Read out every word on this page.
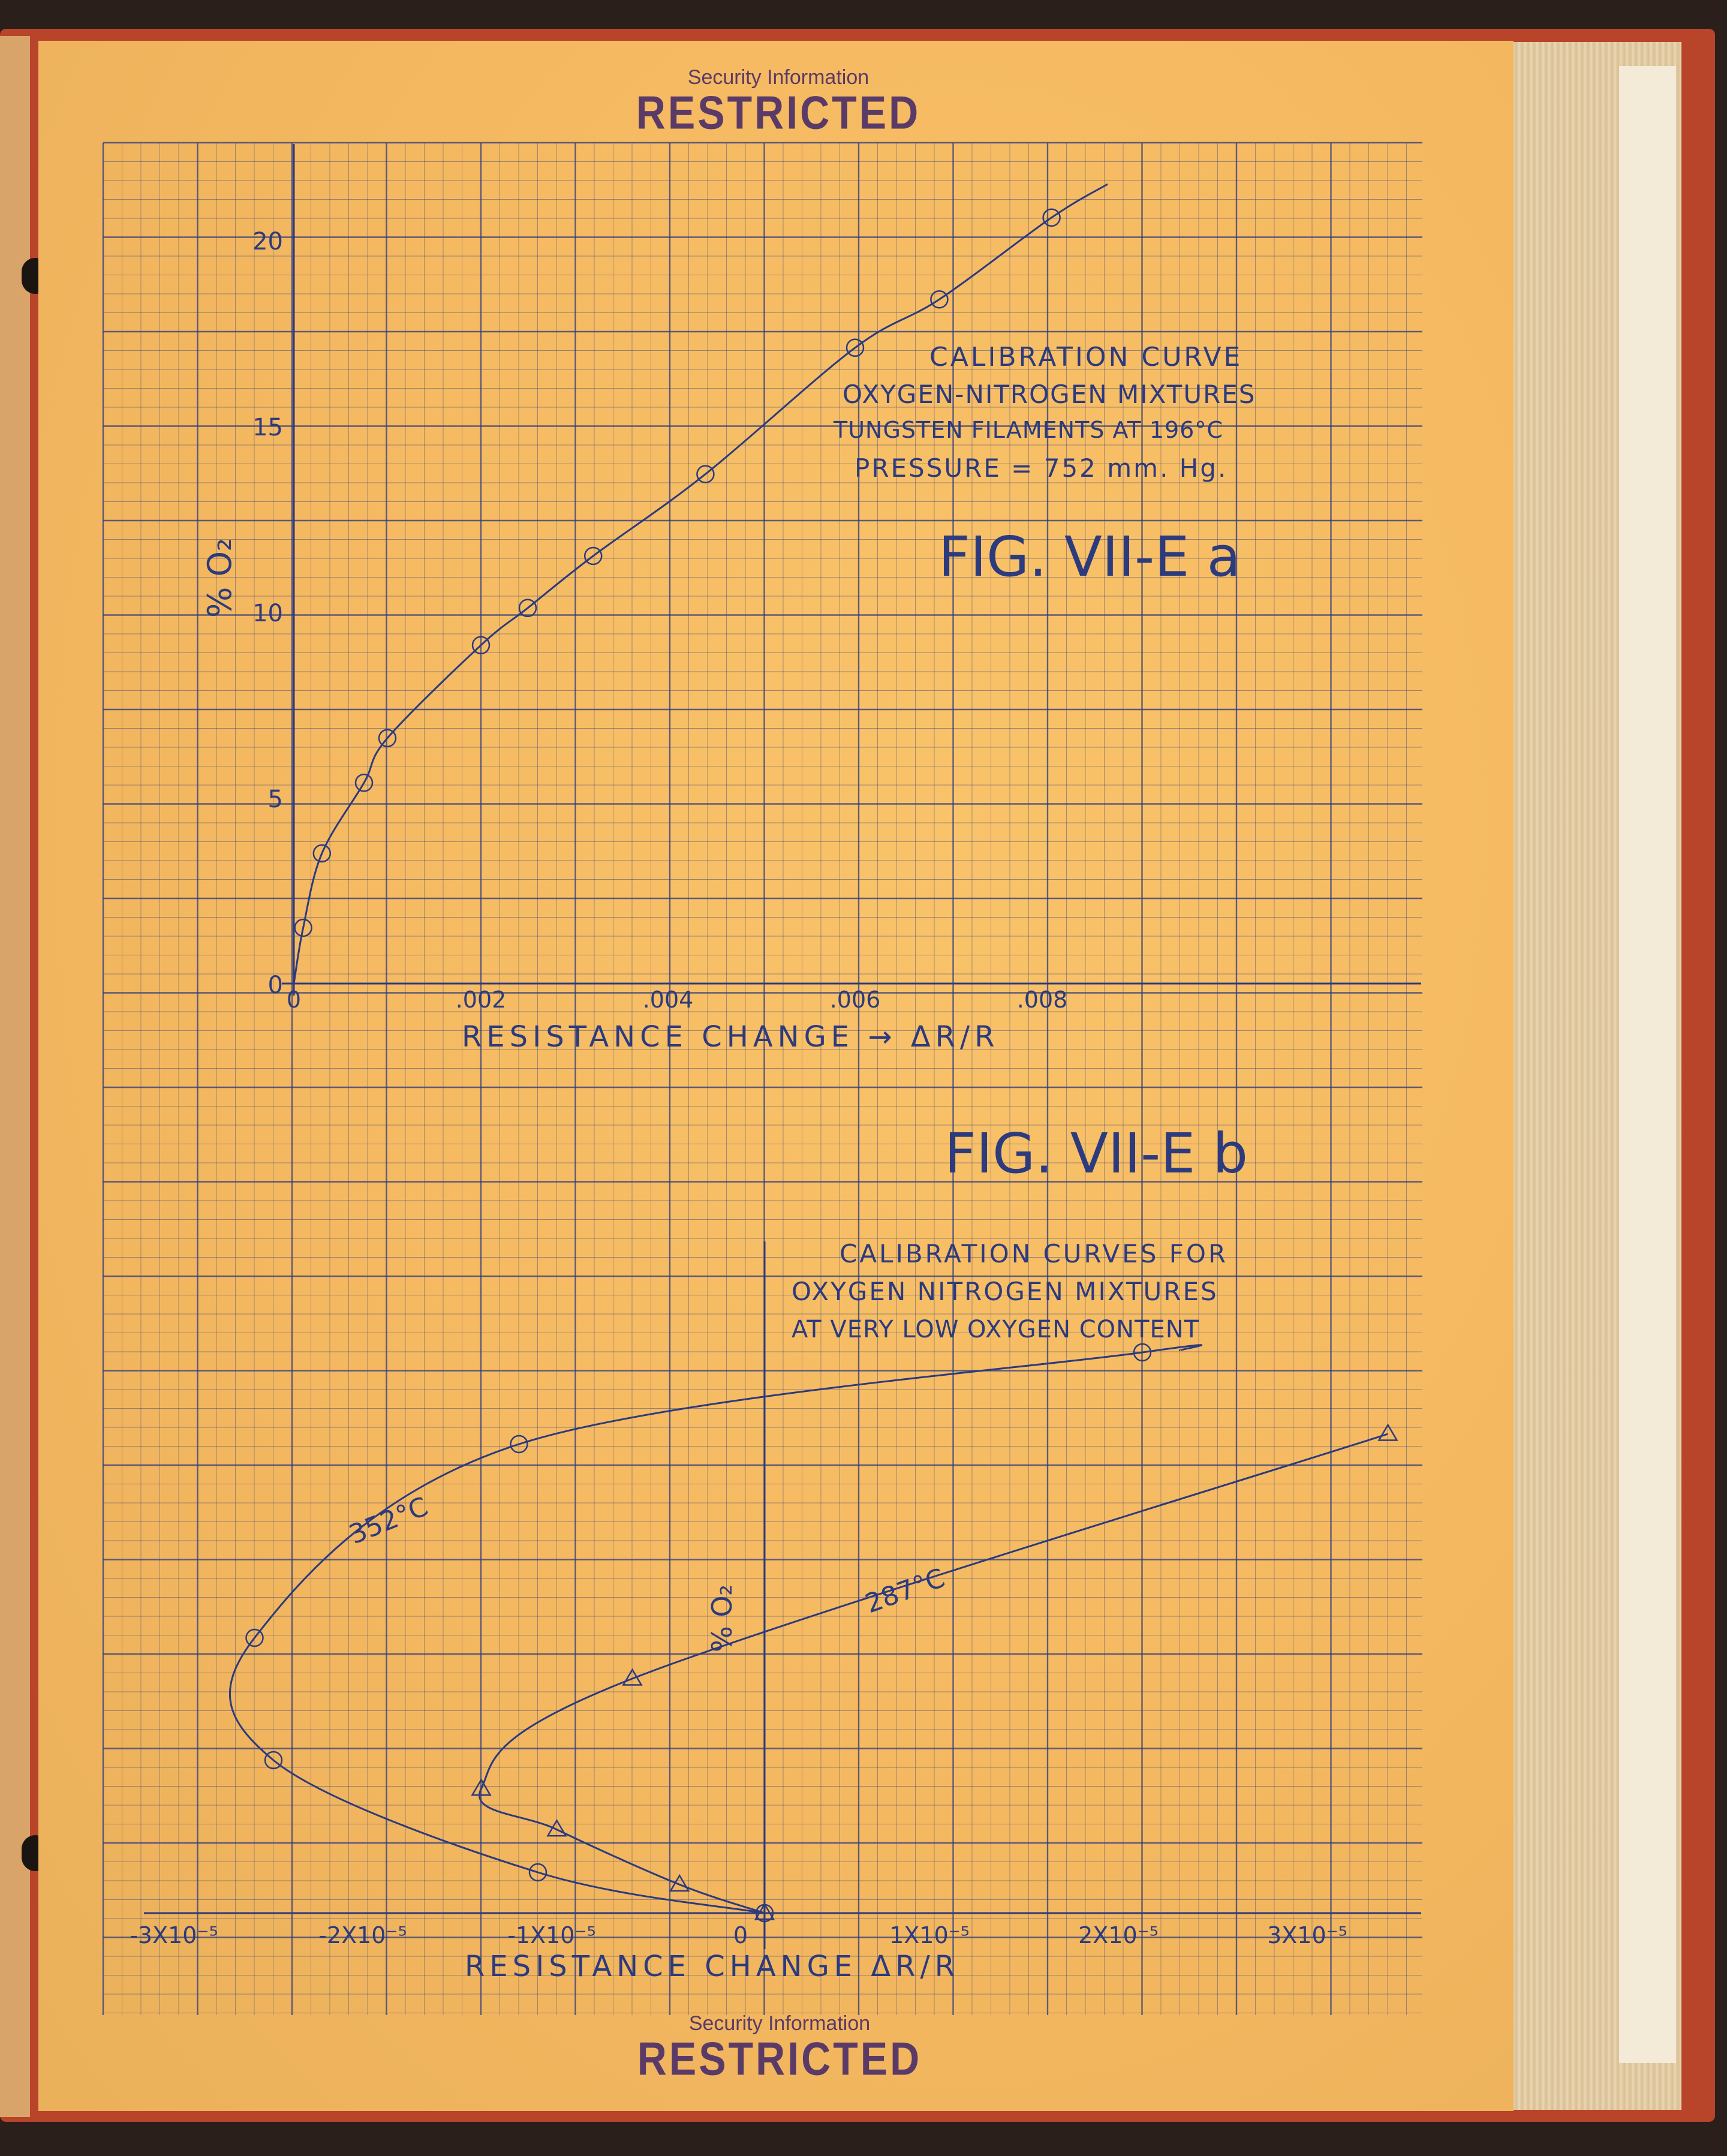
Security Information
RESTRICTED
Security Information
RESTRICTED
CALIBRATION CURVE
OXYGEN-NITROGEN MIXTURES
TUNGSTEN FILAMENTS AT 196°C
PRESSURE = 752 mm. Hg.
FIG. VII-E a
RESISTANCE CHANGE → ΔR/R
% O₂
0
5
10
15
20
0	.002	.004	.006	.008
FIG. VII-E b
CALIBRATION CURVES FOR
OXYGEN NITROGEN MIXTURES
AT VERY LOW OXYGEN CONTENT
RESISTANCE CHANGE ΔR/R
% O₂
-3X10⁻⁵	-2X10⁻⁵	-1X10⁻⁵	0	1X10⁻⁵	2X10⁻⁵	3X10⁻⁵
352°C
287°C
